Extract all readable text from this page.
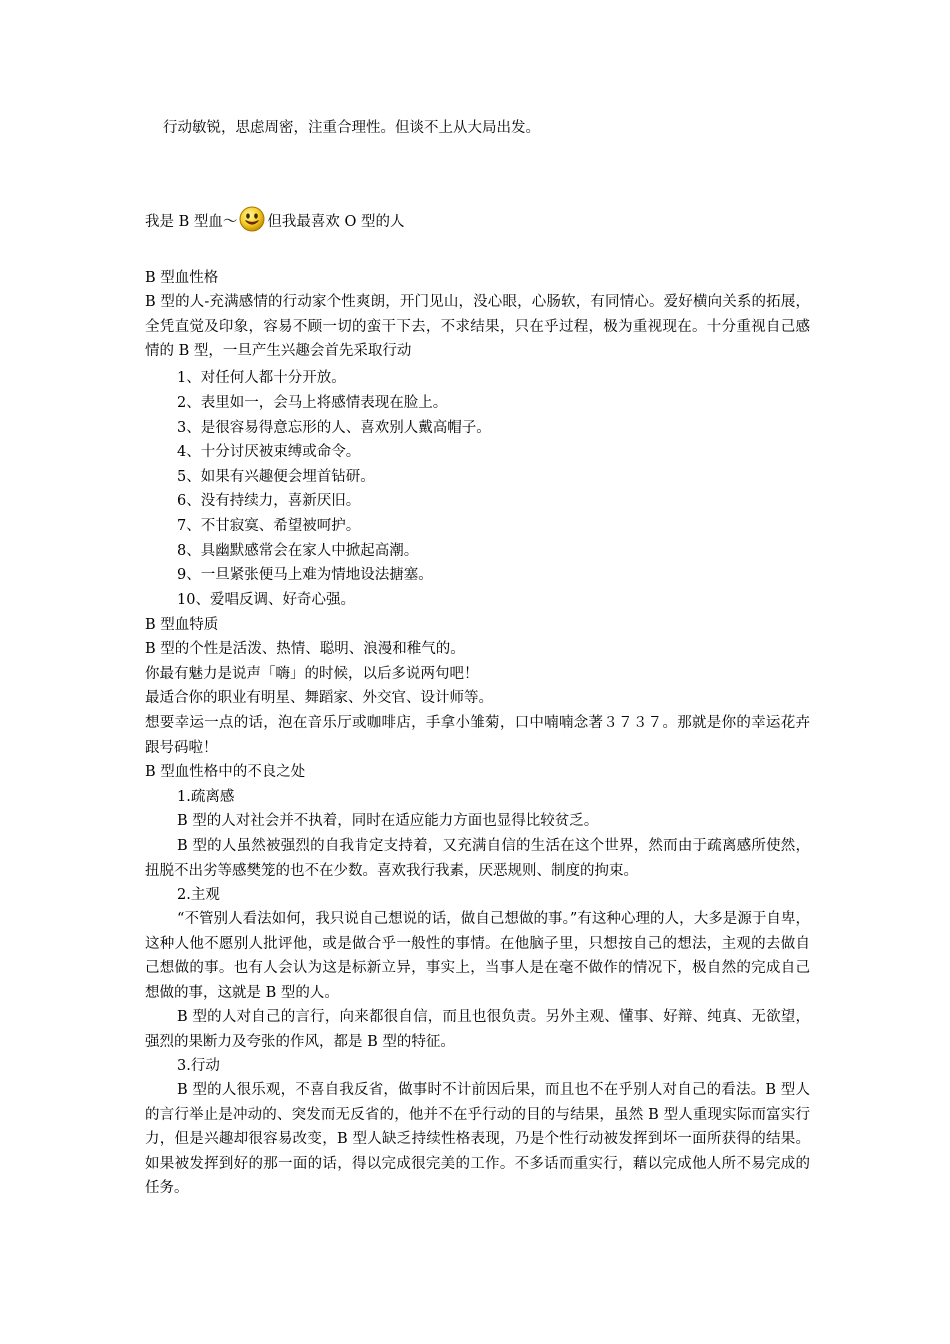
行动敏锐，思虑周密，注重合理性。但谈不上从大局出发。
我是 B 型血～ 但我最喜欢 O 型的人
B 型血性格
B 型的人-充满感情的行动家个性爽朗，开门见山，没心眼，心肠软，有同情心。爱好横向关系的拓展，全凭直觉及印象，容易不顾一切的蛮干下去，不求结果，只在乎过程，极为重视现在。十分重视自己感情的 B 型，一旦产生兴趣会首先采取行动
1、对任何人都十分开放。
2、表里如一，会马上将感情表现在脸上。
3、是很容易得意忘形的人、喜欢别人戴高帽子。
4、十分讨厌被束缚或命令。
5、如果有兴趣便会埋首钻研。
6、没有持续力，喜新厌旧。
7、不甘寂寞、希望被呵护。
8、具幽默感常会在家人中掀起高潮。
9、一旦紧张便马上难为情地设法搪塞。
10、爱唱反调、好奇心强。
B 型血特质
B 型的个性是活泼、热情、聪明、浪漫和稚气的。
你最有魅力是说声「嗨」的时候，以后多说两句吧！
最适合你的职业有明星、舞蹈家、外交官、设计师等。
想要幸运一点的话，泡在音乐厅或咖啡店，手拿小雏菊，口中喃喃念著３７３７。那就是你的幸运花卉跟号码啦！
B 型血性格中的不良之处
1.疏离感
B 型的人对社会并不执着，同时在适应能力方面也显得比较贫乏。
B 型的人虽然被强烈的自我肯定支持着，又充满自信的生活在这个世界，然而由于疏离感所使然，扭脱不出劣等感樊笼的也不在少数。喜欢我行我素，厌恶规则、制度的拘束。
2.主观
“不管别人看法如何，我只说自己想说的话，做自己想做的事。”有这种心理的人，大多是源于自卑，这种人他不愿别人批评他，或是做合乎一般性的事情。在他脑子里，只想按自己的想法，主观的去做自己想做的事。也有人会认为这是标新立异，事实上，当事人是在毫不做作的情况下，极自然的完成自己想做的事，这就是 B 型的人。
B 型的人对自己的言行，向来都很自信，而且也很负责。另外主观、懂事、好辩、纯真、无欲望，强烈的果断力及夸张的作风，都是 B 型的特征。
3.行动
B 型的人很乐观，不喜自我反省，做事时不计前因后果，而且也不在乎别人对自己的看法。B 型人的言行举止是冲动的、突发而无反省的，他并不在乎行动的目的与结果，虽然 B 型人重现实际而富实行力，但是兴趣却很容易改变，B 型人缺乏持续性格表现，乃是个性行动被发挥到坏一面所获得的结果。如果被发挥到好的那一面的话，得以完成很完美的工作。不多话而重实行，藉以完成他人所不易完成的任务。
